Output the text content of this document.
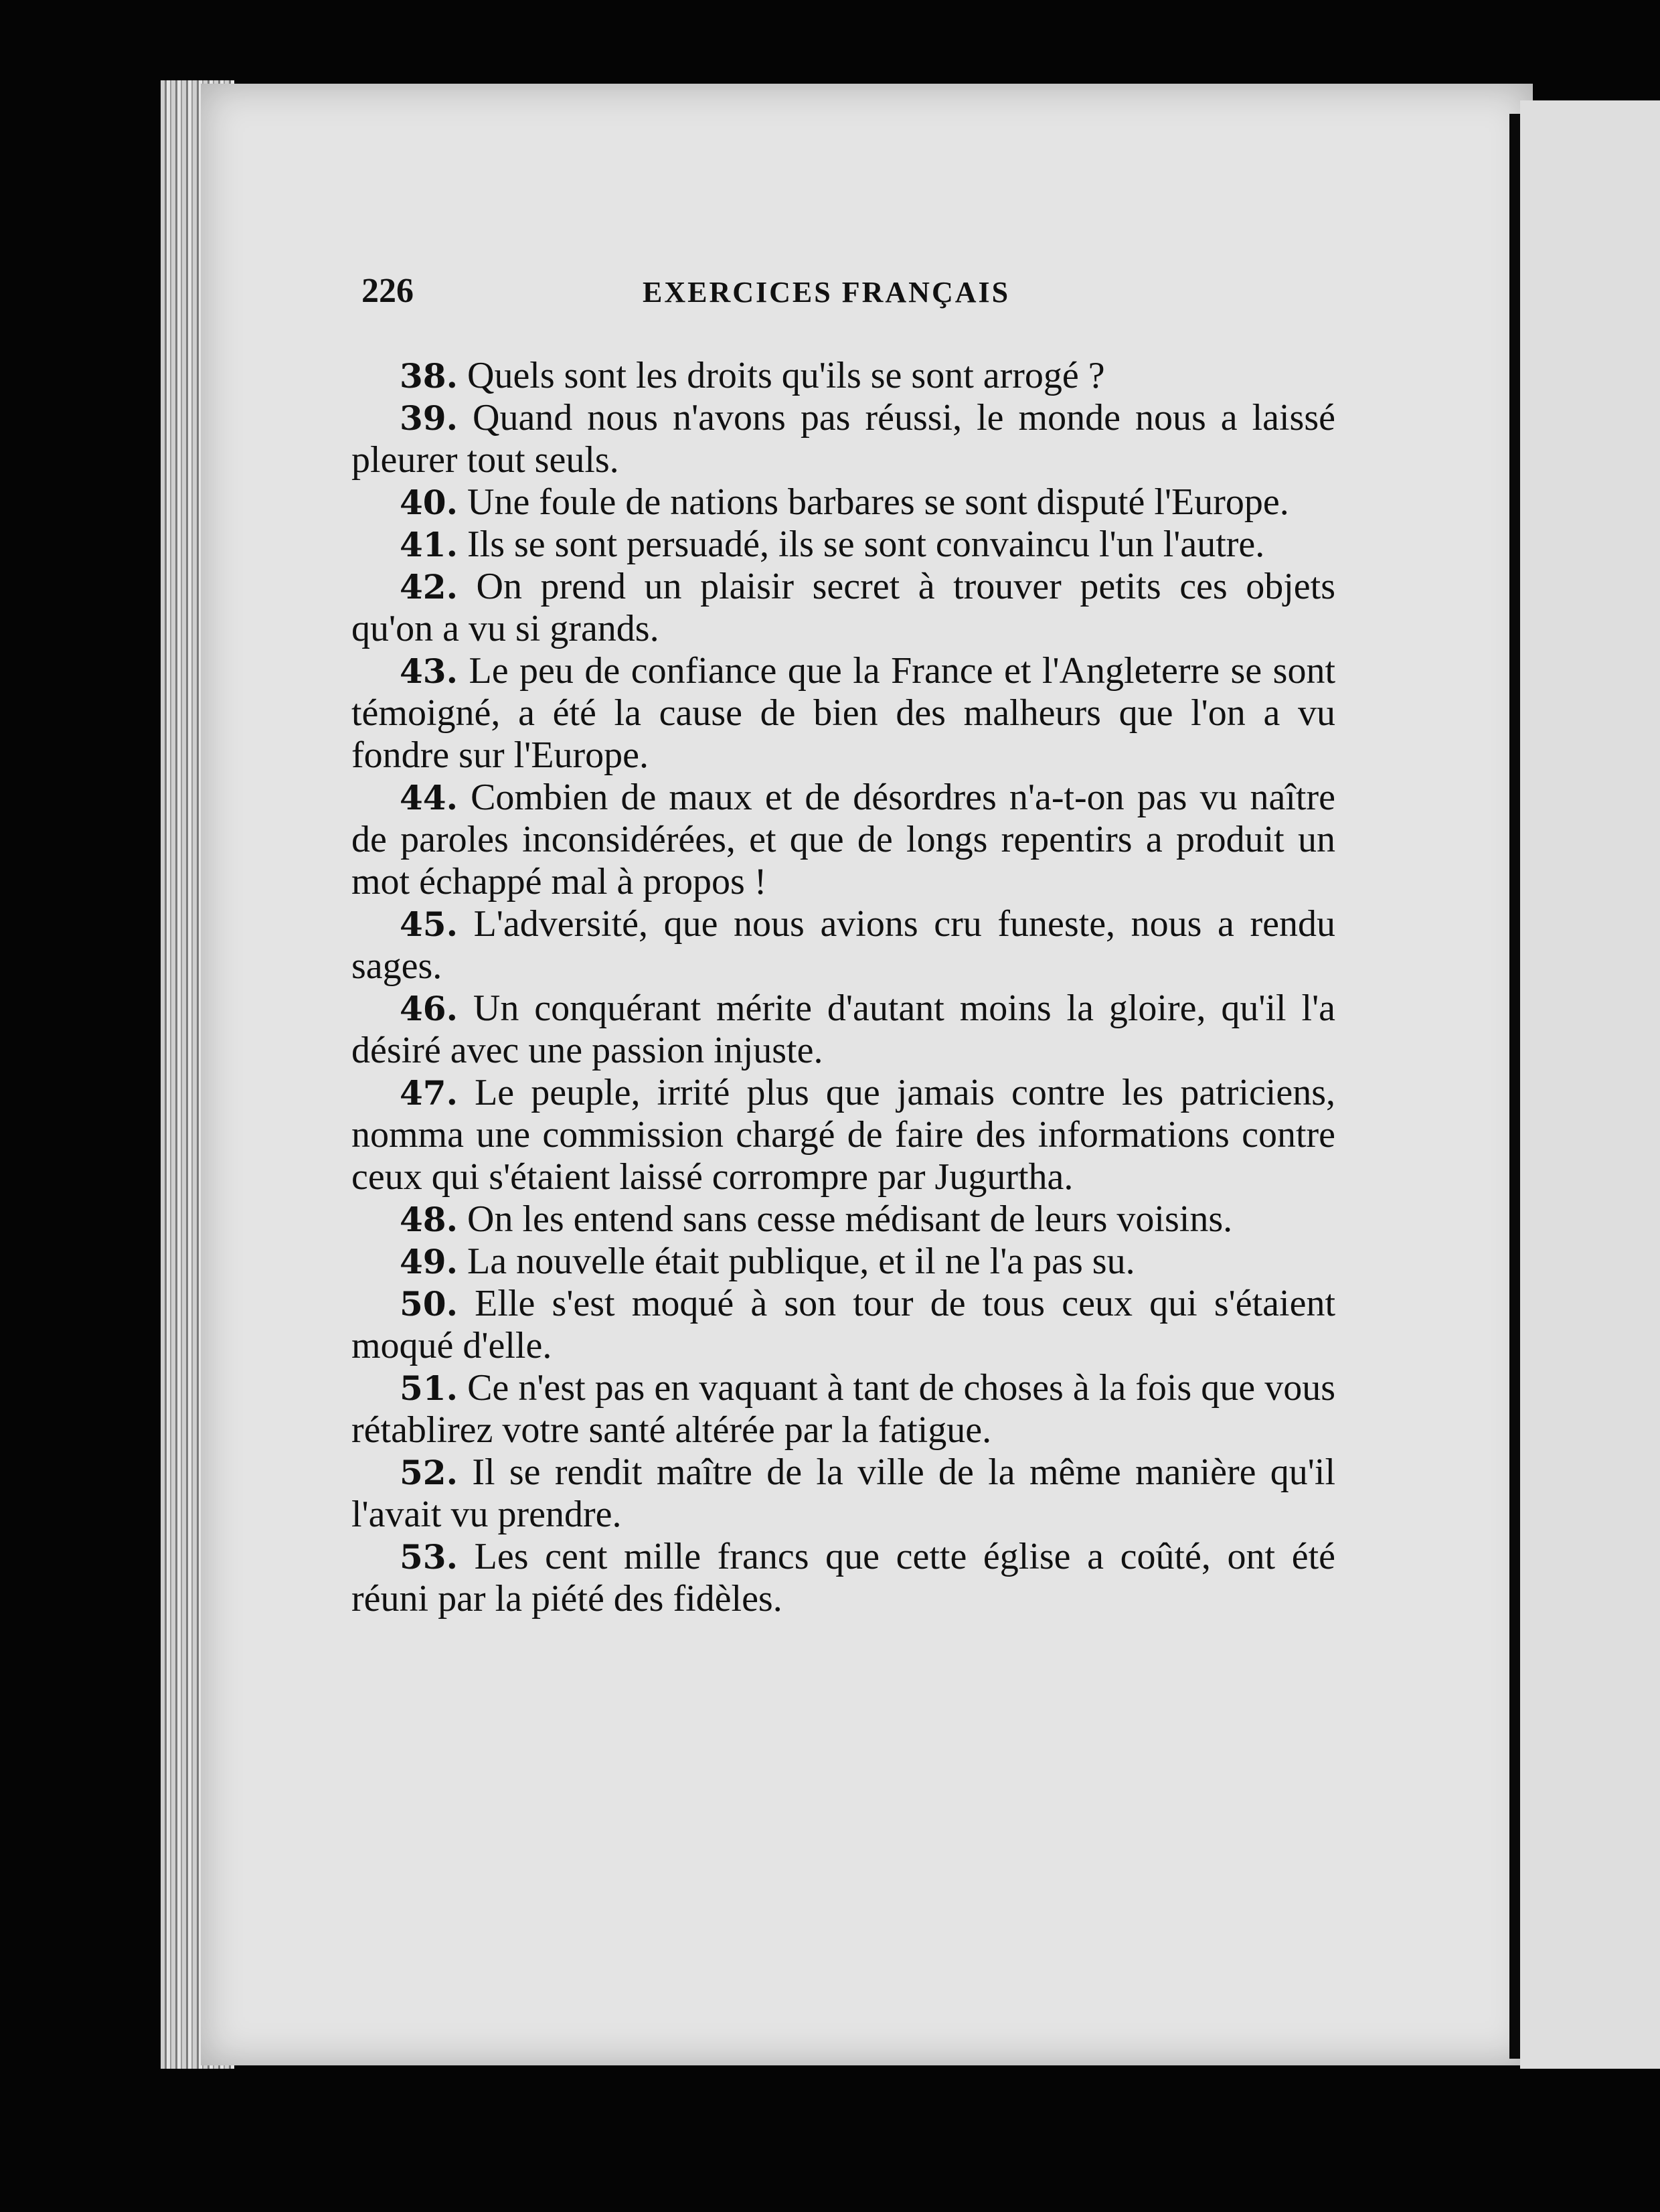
226	EXERCICES FRANÇAIS

38. Quels sont les droits qu'ils se sont arrogé ?

39. Quand nous n'avons pas réussi, le monde nous a laissé pleurer tout seuls.

40. Une foule de nations barbares se sont disputé l'Europe.

41. Ils se sont persuadé, ils se sont convaincu l'un l'autre.

42. On prend un plaisir secret à trouver petits ces objets qu'on a vu si grands.

43. Le peu de confiance que la France et l'Angleterre se sont témoigné, a été la cause de bien des malheurs que l'on a vu fondre sur l'Europe.

44. Combien de maux et de désordres n'a-t-on pas vu naître de paroles inconsidérées, et que de longs repentirs a produit un mot échappé mal à propos !

45. L'adversité, que nous avions cru funeste, nous a rendu sages.

46. Un conquérant mérite d'autant moins la gloire, qu'il l'a désiré avec une passion injuste.

47. Le peuple, irrité plus que jamais contre les patriciens, nomma une commission chargé de faire des informations contre ceux qui s'étaient laissé corrompre par Jugurtha.

48. On les entend sans cesse médisant de leurs voisins.

49. La nouvelle était publique, et il ne l'a pas su.

50. Elle s'est moqué à son tour de tous ceux qui s'étaient moqué d'elle.

51. Ce n'est pas en vaquant à tant de choses à la fois que vous rétablirez votre santé altérée par la fatigue.

52. Il se rendit maître de la ville de la même manière qu'il l'avait vu prendre.

53. Les cent mille francs que cette église a coûté, ont été réuni par la piété des fidèles.
